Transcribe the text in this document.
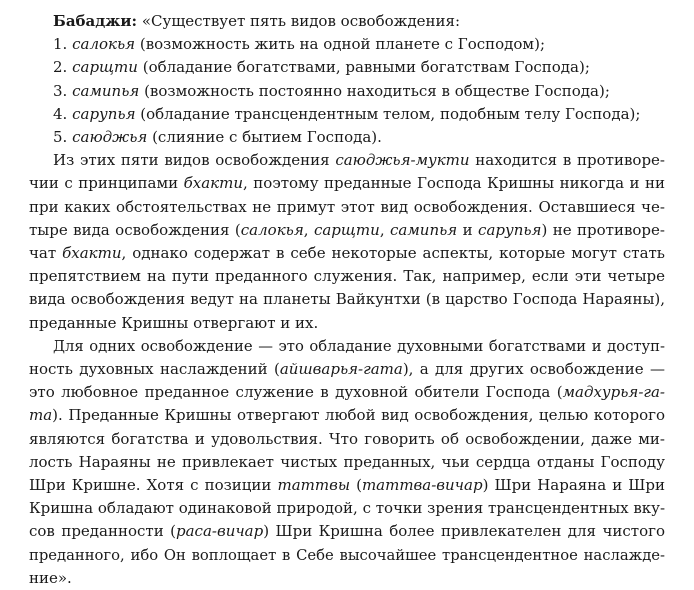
Бабаджи: «Существует пять видов освобождения:
1. салокья (возможность жить на одной планете с Господом);
2. сарщти (обладание богатствами, равными богатствам Господа);
3. самипья (возможность постоянно находиться в обществе Господа);
4. сарупья (обладание трансцендентным телом, подобным телу Господа);
5. саюджья (слияние с бытием Господа).
Из этих пяти видов освобождения саюджья-мукти находится в противоре-
чии с принципами бхакти, поэтому преданные Господа Кришны никогда и ни
при каких обстоятельствах не примут этот вид освобождения. Оставшиеся че-
тыре вида освобождения (салокья, сарщти, самипья и сарупья) не противоре-
чат бхакти, однако содержат в себе некоторые аспекты, которые могут стать
препятствием на пути преданного служения. Так, например, если эти четыре
вида освобождения ведут на планеты Вайкунтхи (в царство Господа Нараяны),
преданные Кришны отвергают и их.
Для одних освобождение — это обладание духовными богатствами и доступ-
ность духовных наслаждений (айшварья-гата), а для других освобождение —
это любовное преданное служение в духовной обители Господа (мадхурья-га-
та). Преданные Кришны отвергают любой вид освобождения, целью которого
являются богатства и удовольствия. Что говорить об освобождении, даже ми-
лость Нараяны не привлекает чистых преданных, чьи сердца отданы Господу
Шри Кришне. Хотя с позиции таттвы (таттва-вичар) Шри Нараяна и Шри
Кришна обладают одинаковой природой, с точки зрения трансцендентных вку-
сов преданности (раса-вичар) Шри Кришна более привлекателен для чистого
преданного, ибо Он воплощает в Себе высочайшее трансцендентное наслажде-
ние».
